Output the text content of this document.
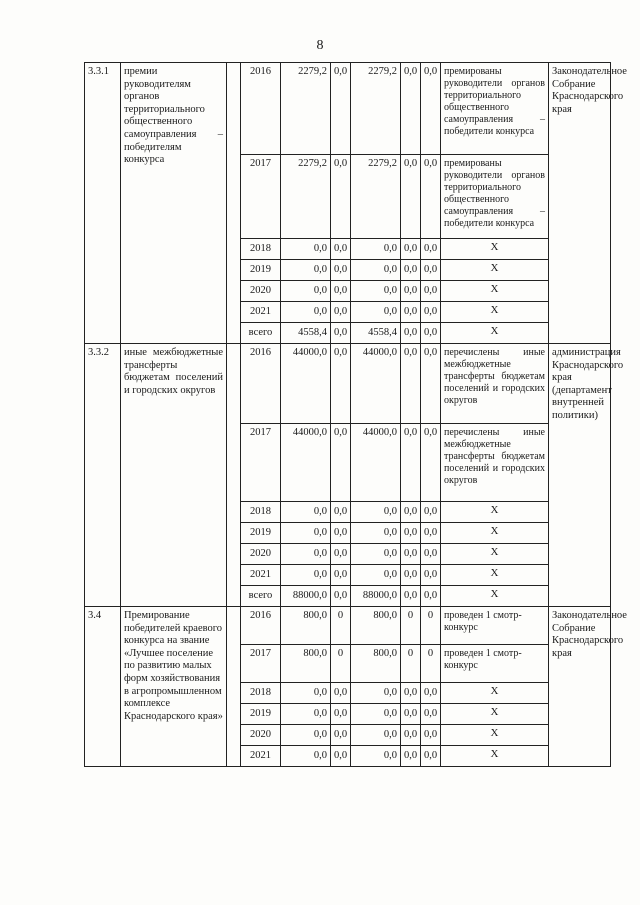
8
3.3.1	премии руководителям органов территориального общественного самоуправления – победителям конкурса		2016	2279,2	0,0	2279,2	0,0	0,0	премированы руководители органов территориального общественного самоуправления – победители конкурса	Законодательное Собрание Краснодарского края
			2017	2279,2	0,0	2279,2	0,0	0,0	премированы руководители органов территориального общественного самоуправления – победители конкурса	
			2018	0,0	0,0	0,0	0,0	0,0	X	
			2019	0,0	0,0	0,0	0,0	0,0	X	
			2020	0,0	0,0	0,0	0,0	0,0	X	
			2021	0,0	0,0	0,0	0,0	0,0	X	
			всего	4558,4	0,0	4558,4	0,0	0,0	X	
3.3.2	иные межбюджетные трансферты бюджетам поселений и городских округов		2016	44000,0	0,0	44000,0	0,0	0,0	перечислены иные межбюджетные трансферты бюджетам поселений и городских округов	администрация Краснодарского края (департамент внутренней политики)
			2017	44000,0	0,0	44000,0	0,0	0,0	перечислены иные межбюджетные трансферты бюджетам поселений и городских округов	
			2018	0,0	0,0	0,0	0,0	0,0	X	
			2019	0,0	0,0	0,0	0,0	0,0	X	
			2020	0,0	0,0	0,0	0,0	0,0	X	
			2021	0,0	0,0	0,0	0,0	0,0	X	
			всего	88000,0	0,0	88000,0	0,0	0,0	X	
3.4	Премирование победителей краевого конкурса на звание «Лучшее поселение по развитию малых форм хозяйствования в агропромышленном комплексе Краснодарского края»		2016	800,0	0	800,0	0	0	проведен 1 смотр-конкурс	Законодательное Собрание Краснодарского края
			2017	800,0	0	800,0	0	0	проведен 1 смотр-конкурс	
			2018	0,0	0,0	0,0	0,0	0,0	X	
			2019	0,0	0,0	0,0	0,0	0,0	X	
			2020	0,0	0,0	0,0	0,0	0,0	X	
			2021	0,0	0,0	0,0	0,0	0,0	X	
